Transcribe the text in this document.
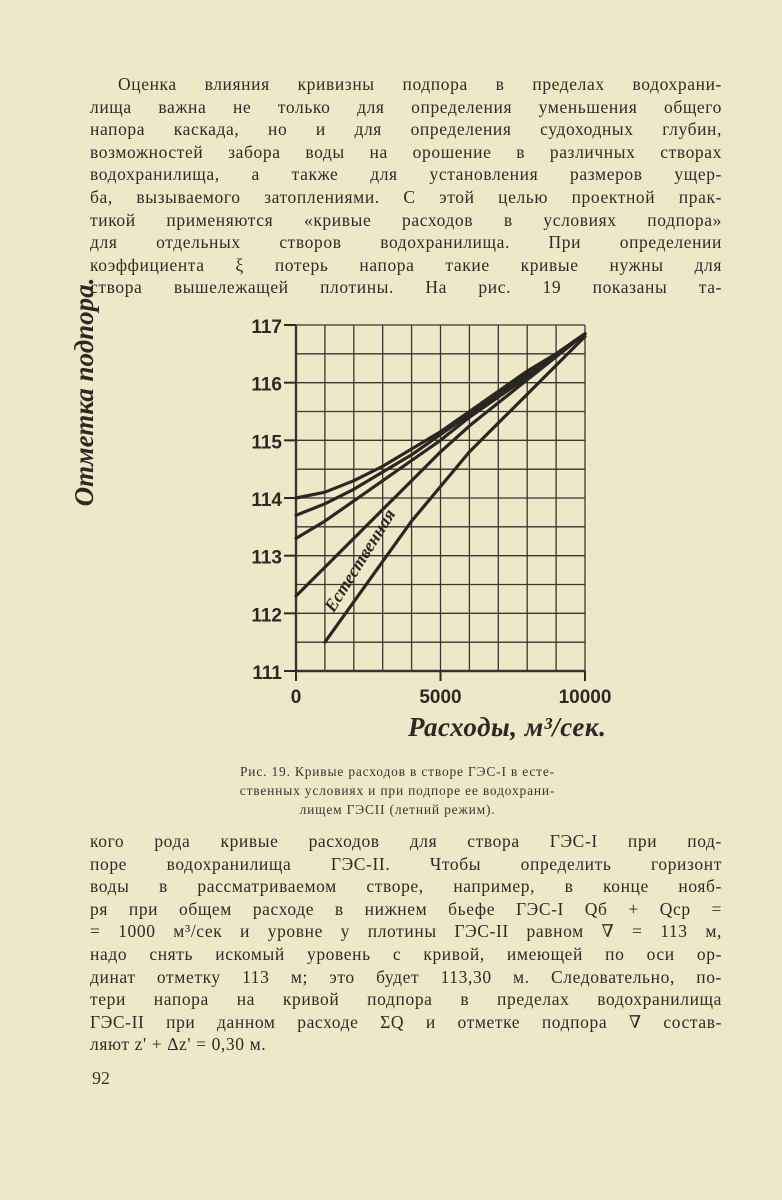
Оценка влияния кривизны подпора в пределах водохрани-
лища важна не только для определения уменьшения общего
напора каскада, но и для определения судоходных глубин,
возможностей забора воды на орошение в различных створах
водохранилища, а также для установления размеров ущер-
ба, вызываемого затоплениями. С этой целью проектной прак-
тикой применяются «кривые расходов в условиях подпора»
для отдельных створов водохранилища. При определении
коэффициента ξ потерь напора такие кривые нужны для
створа вышележащей плотины. На рис. 19 показаны та-
111
112
113
114
115
116
117
0	5000	10000
Естественная
Отметка подпора.
Расходы, м³/сек.
Рис. 19. Кривые расходов в створе ГЭС-I в есте-
ственных условиях и при подпоре ее водохрани-
лищем ГЭСII (летний режим).
кого рода кривые расходов для створа ГЭС-I при под-
поре водохранилища ГЭС-II. Чтобы определить горизонт
воды в рассматриваемом створе, например, в конце нояб-
ря при общем расходе в нижнем бьефе ГЭС-I Qб + Qср =
= 1000 м³/сек и уровне у плотины ГЭС-II равном ∇ = 113 м,
надо снять искомый уровень с кривой, имеющей по оси ор-
динат отметку 113 м; это будет 113,30 м. Следовательно, по-
тери напора на кривой подпора в пределах водохранилища
ГЭС-II при данном расходе ΣQ и отметке подпора ∇ состав-
ляют z' + Δz' = 0,30 м.
92
